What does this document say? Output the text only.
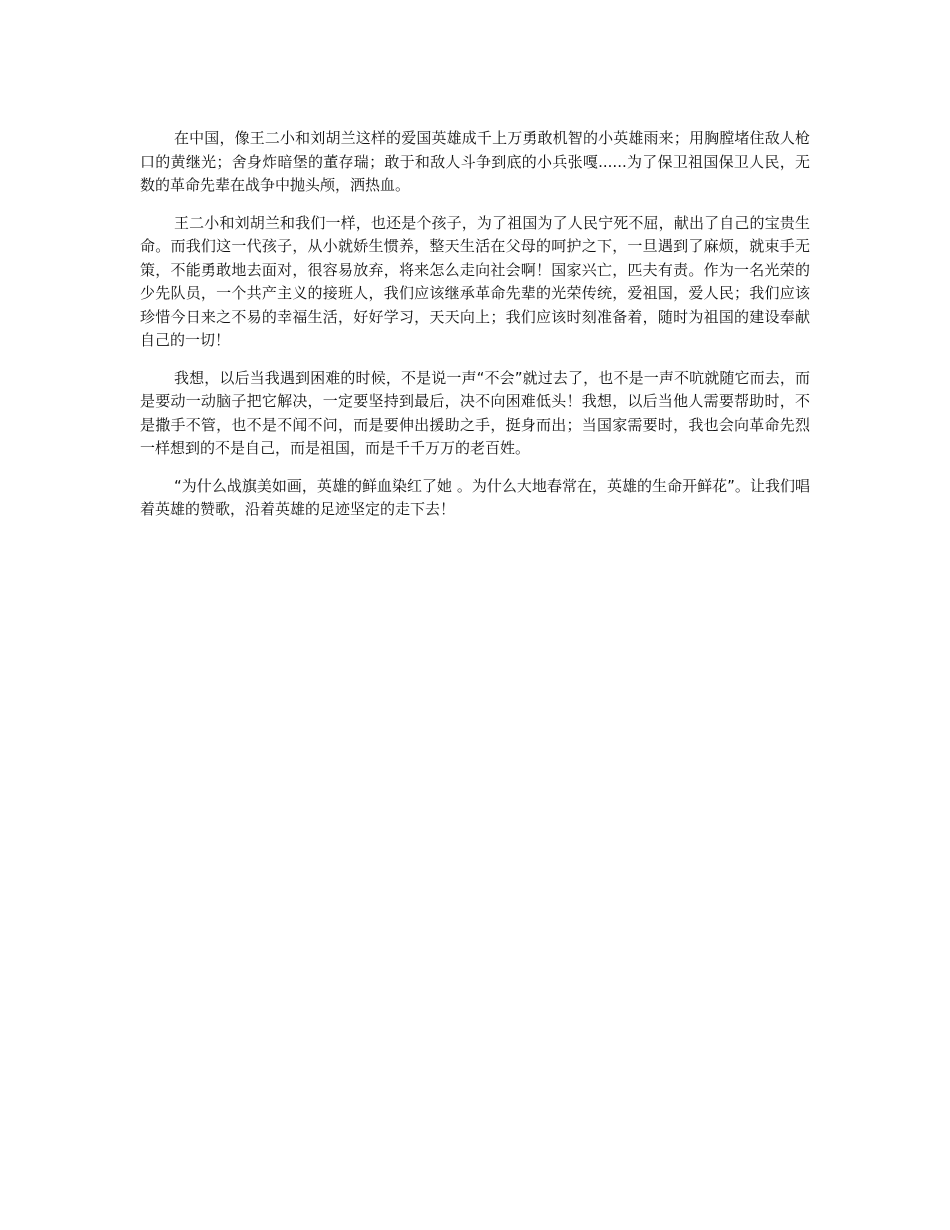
在中国，像王二小和刘胡兰这样的爱国英雄成千上万勇敢机智的小英雄雨来；用胸膛堵住敌人枪口的黄继光；舍身炸暗堡的董存瑞；敢于和敌人斗争到底的小兵张嘎......为了保卫祖国保卫人民，无数的革命先辈在战争中抛头颅，洒热血。

王二小和刘胡兰和我们一样，也还是个孩子，为了祖国为了人民宁死不屈，献出了自己的宝贵生命。而我们这一代孩子，从小就娇生惯养，整天生活在父母的呵护之下，一旦遇到了麻烦，就束手无策，不能勇敢地去面对，很容易放弃，将来怎么走向社会啊！国家兴亡，匹夫有责。作为一名光荣的少先队员，一个共产主义的接班人，我们应该继承革命先辈的光荣传统，爱祖国，爱人民；我们应该珍惜今日来之不易的幸福生活，好好学习，天天向上；我们应该时刻准备着，随时为祖国的建设奉献自己的一切！

我想，以后当我遇到困难的时候，不是说一声“不会”就过去了，也不是一声不吭就随它而去，而是要动一动脑子把它解决，一定要坚持到最后，决不向困难低头！我想，以后当他人需要帮助时，不是撒手不管，也不是不闻不问，而是要伸出援助之手，挺身而出；当国家需要时，我也会向革命先烈一样想到的不是自己，而是祖国，而是千千万万的老百姓。

“为什么战旗美如画，英雄的鲜血染红了她 。为什么大地春常在，英雄的生命开鲜花”。让我们唱着英雄的赞歌，沿着英雄的足迹坚定的走下去！
